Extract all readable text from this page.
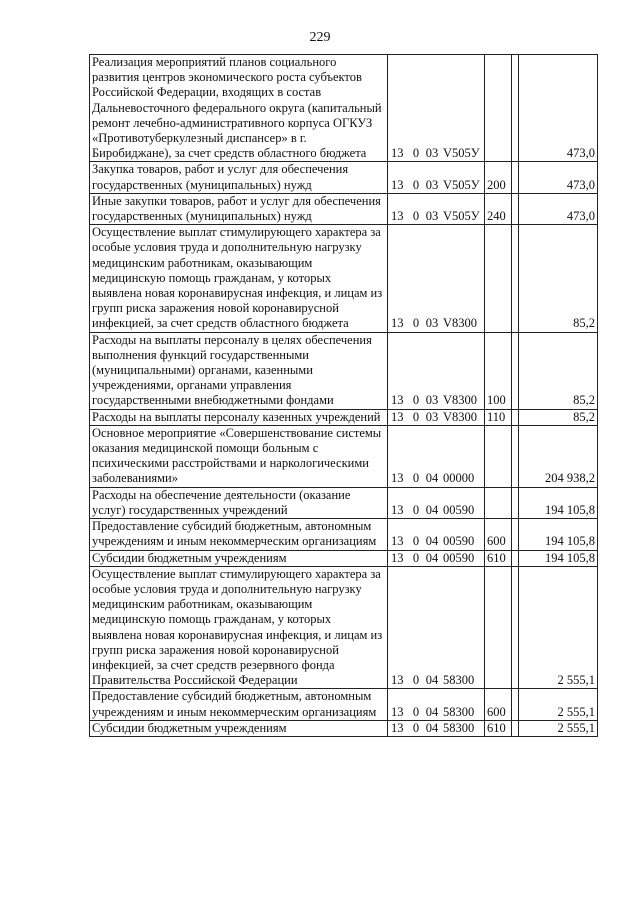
229
Реализация мероприятий планов социального развития центров экономического роста субъектов Российской Федерации, входящих в состав Дальневосточного федерального округа (капитальный ремонт лечебно-административного корпуса ОГКУЗ «Противотуберкулезный диспансер» в г. Биробиджане), за счет средств областного бюджета	13 0 03 V505У			473,0

Закупка товаров, работ и услуг для обеспечения государственных (муниципальных) нужд	13 0 03 V505У	200		473,0

Иные закупки товаров, работ и услуг для обеспечения государственных (муниципальных) нужд	13 0 03 V505У	240		473,0

Осуществление выплат стимулирующего характера за особые условия труда и дополнительную нагрузку медицинским работникам, оказывающим медицинскую помощь гражданам, у которых выявлена новая коронавирусная инфекция, и лицам из групп риска заражения новой коронавирусной инфекцией, за счет средств областного бюджета	13 0 03 V8300			85,2

Расходы на выплаты персоналу в целях обеспечения выполнения функций государственными (муниципальными) органами, казенными учреждениями, органами управления государственными внебюджетными фондами	13 0 03 V8300	100		85,2

Расходы на выплаты персоналу казенных учреждений	13 0 03 V8300	110		85,2

Основное мероприятие «Совершенствование системы оказания медицинской помощи больным с психическими расстройствами и наркологическими заболеваниями»	13 0 04 00000			204 938,2

Расходы на обеспечение деятельности (оказание услуг) государственных учреждений	13 0 04 00590			194 105,8

Предоставление субсидий бюджетным, автономным учреждениям и иным некоммерческим организациям	13 0 04 00590	600		194 105,8

Субсидии бюджетным учреждениям	13 0 04 00590	610		194 105,8

Осуществление выплат стимулирующего характера за особые условия труда и дополнительную нагрузку медицинским работникам, оказывающим медицинскую помощь гражданам, у которых выявлена новая коронавирусная инфекция, и лицам из групп риска заражения новой коронавирусной инфекцией, за счет средств резервного фонда Правительства Российской Федерации	13 0 04 58300			2 555,1

Предоставление субсидий бюджетным, автономным учреждениям и иным некоммерческим организациям	13 0 04 58300	600		2 555,1

Субсидии бюджетным учреждениям	13 0 04 58300	610		2 555,1
